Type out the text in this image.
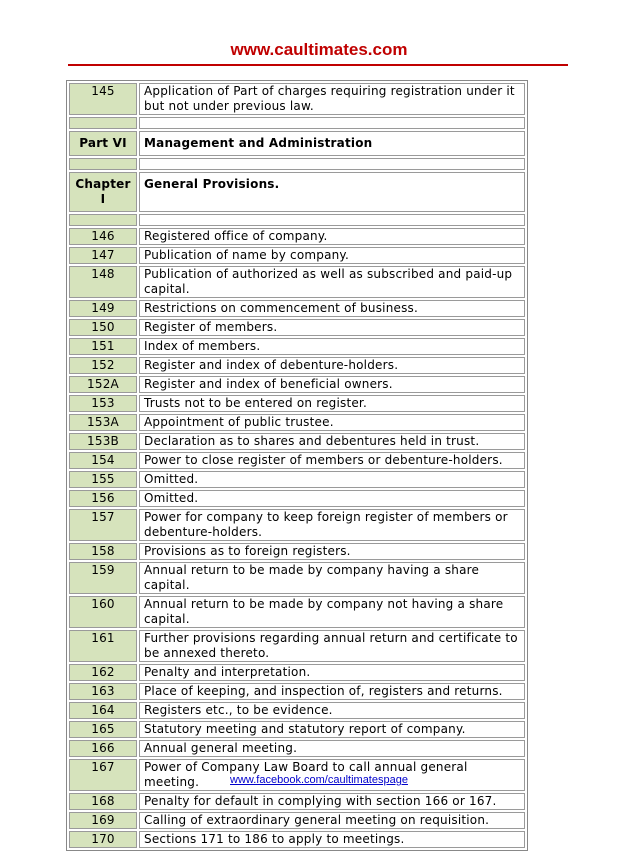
www.caultimates.com
145	Application of Part of charges requiring registration under it but not under previous law.

Part VI	Management and Administration

Chapter I	General Provisions.

146	Registered office of company.
147	Publication of name by company.
148	Publication of authorized as well as subscribed and paid-up capital.
149	Restrictions on commencement of business.
150	Register of members.
151	Index of members.
152	Register and index of debenture-holders.
152A	Register and index of beneficial owners.
153	Trusts not to be entered on register.
153A	Appointment of public trustee.
153B	Declaration as to shares and debentures held in trust.
154	Power to close register of members or debenture-holders.
155	Omitted.
156	Omitted.
157	Power for company to keep foreign register of members or debenture-holders.
158	Provisions as to foreign registers.
159	Annual return to be made by company having a share capital.
160	Annual return to be made by company not having a share capital.
161	Further provisions regarding annual return and certificate to be annexed thereto.
162	Penalty and interpretation.
163	Place of keeping, and inspection of, registers and returns.
164	Registers etc., to be evidence.
165	Statutory meeting and statutory report of company.
166	Annual general meeting.
167	Power of Company Law Board to call annual general meeting.
168	Penalty for default in complying with section 166 or 167.
169	Calling of extraordinary general meeting on requisition.
170	Sections 171 to 186 to apply to meetings.
www.facebook.com/caultimatespage
